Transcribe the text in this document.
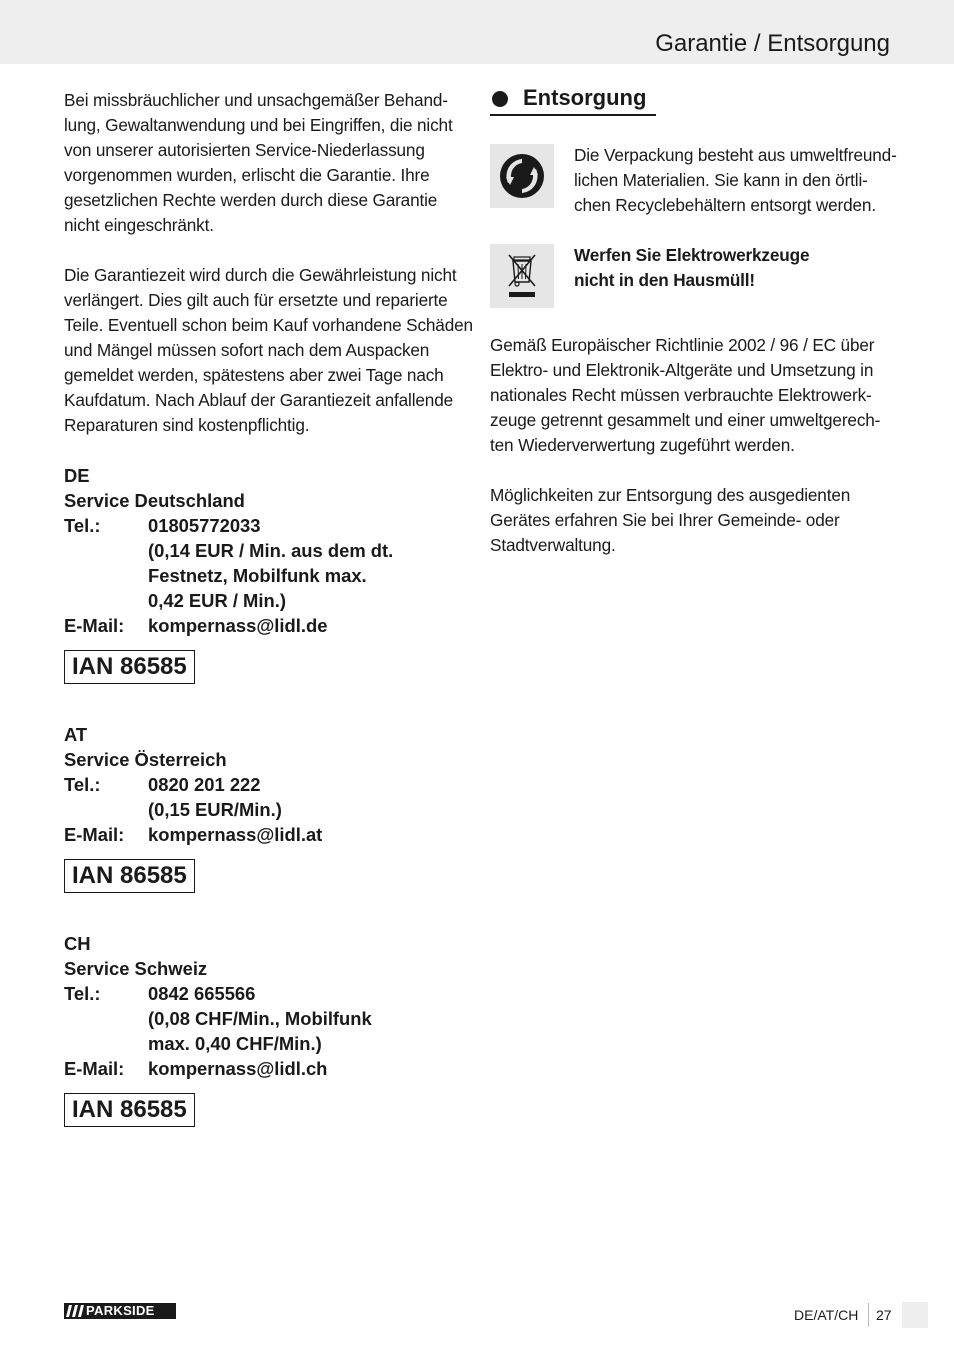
Garantie / Entsorgung
Bei missbräuchlicher und unsachgemäßer Behand-
lung, Gewaltanwendung und bei Eingriffen, die nicht
von unserer autorisierten Service-Niederlassung
vorgenommen wurden, erlischt die Garantie. Ihre
gesetzlichen Rechte werden durch diese Garantie
nicht eingeschränkt.
Die Garantiezeit wird durch die Gewährleistung nicht
verlängert. Dies gilt auch für ersetzte und reparierte
Teile. Eventuell schon beim Kauf vorhandene Schäden
und Mängel müssen sofort nach dem Auspacken
gemeldet werden, spätestens aber zwei Tage nach
Kaufdatum. Nach Ablauf der Garantiezeit anfallende
Reparaturen sind kostenpflichtig.
DE
Service Deutschland
Tel.:	01805772033
(0,14 EUR / Min. aus dem dt.
Festnetz, Mobilfunk max.
0,42 EUR / Min.)
E-Mail:	kompernass@lidl.de
IAN 86585
AT
Service Österreich
Tel.:	0820 201 222
(0,15 EUR/Min.)
E-Mail:	kompernass@lidl.at
IAN 86585
CH
Service Schweiz
Tel.:	0842 665566
(0,08 CHF/Min., Mobilfunk
max. 0,40 CHF/Min.)
E-Mail:	kompernass@lidl.ch
IAN 86585
Entsorgung
Die Verpackung besteht aus umweltfreund-
lichen Materialien. Sie kann in den örtli-
chen Recyclebehältern entsorgt werden.
Werfen Sie Elektrowerkzeuge
nicht in den Hausmüll!
Gemäß Europäischer Richtlinie 2002 / 96 / EC über
Elektro- und Elektronik-Altgeräte und Umsetzung in
nationales Recht müssen verbrauchte Elektrowerk-
zeuge getrennt gesammelt und einer umweltgerech-
ten Wiederverwertung zugeführt werden.
Möglichkeiten zur Entsorgung des ausgedienten
Gerätes erfahren Sie bei Ihrer Gemeinde- oder
Stadtverwaltung.
PARKSIDE	DE/AT/CH 27
